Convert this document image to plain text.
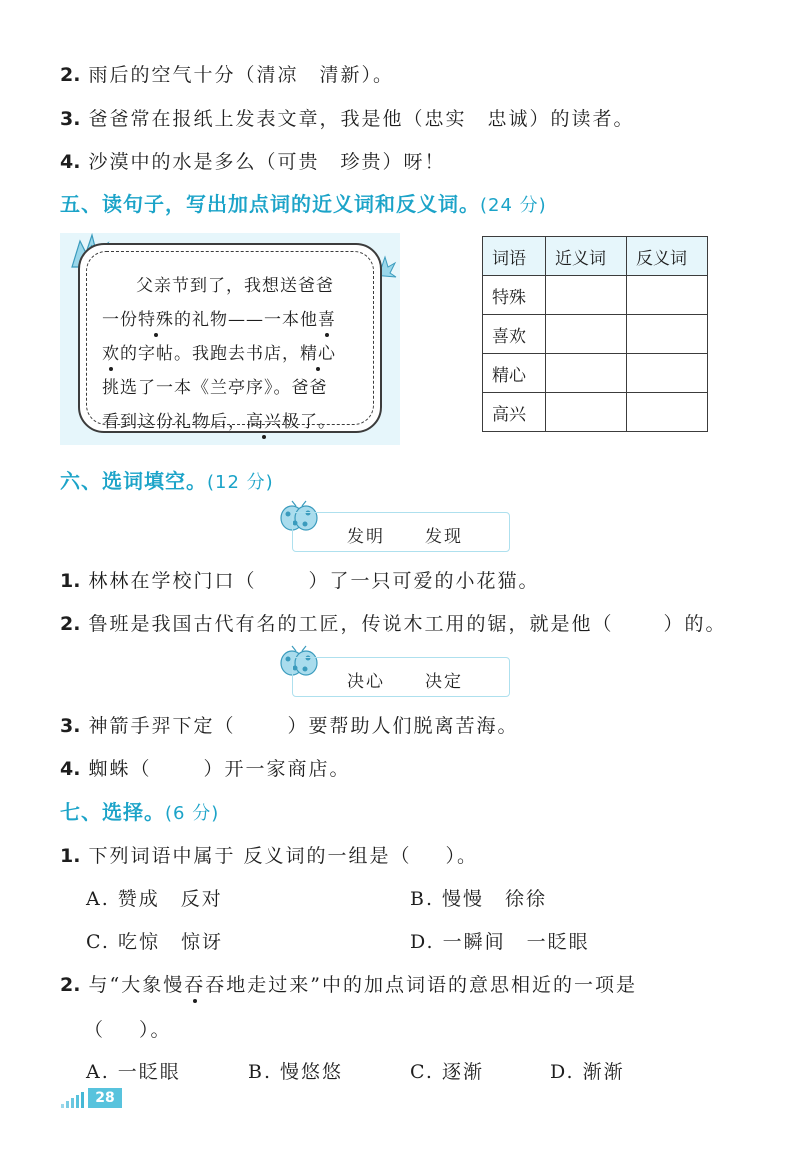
2. 雨后的空气十分（清凉　清新）。
3. 爸爸常在报纸上发表文章，我是他（忠实　忠诚）的读者。
4. 沙漠中的水是多么（可贵　珍贵）呀！
五、读句子，写出加点词的近义词和反义词。(24 分)
父亲节到了，我想送爸爸
一份特殊的礼物——一本他喜
欢的字帖。我跑去书店，精心
挑选了一本《兰亭序》。爸爸
看到这份礼物后，高兴极了。
词语	近义词	反义词
特殊		
喜欢		
精心		
高兴		
六、选词填空。(12 分)
发明 发现
1. 林林在学校门口（	）了一只可爱的小花猫。
2. 鲁班是我国古代有名的工匠，传说木工用的锯，就是他（	）的。
决心 决定
3. 神箭手羿下定（	）要帮助人们脱离苦海。
4. 蜘蛛（	）开一家商店。
七、选择。(6 分)
1. 下列词语中属于 反义词的一组是（ ）。
A. 赞成　反对	B. 慢慢　徐徐
C. 吃惊　惊讶	D. 一瞬间　一眨眼
2. 与“大象慢吞吞地走过来”中的加点词语的意思相近的一项是
（ ）。
A. 一眨眼	B. 慢悠悠	C. 逐渐	D. 渐渐
28
